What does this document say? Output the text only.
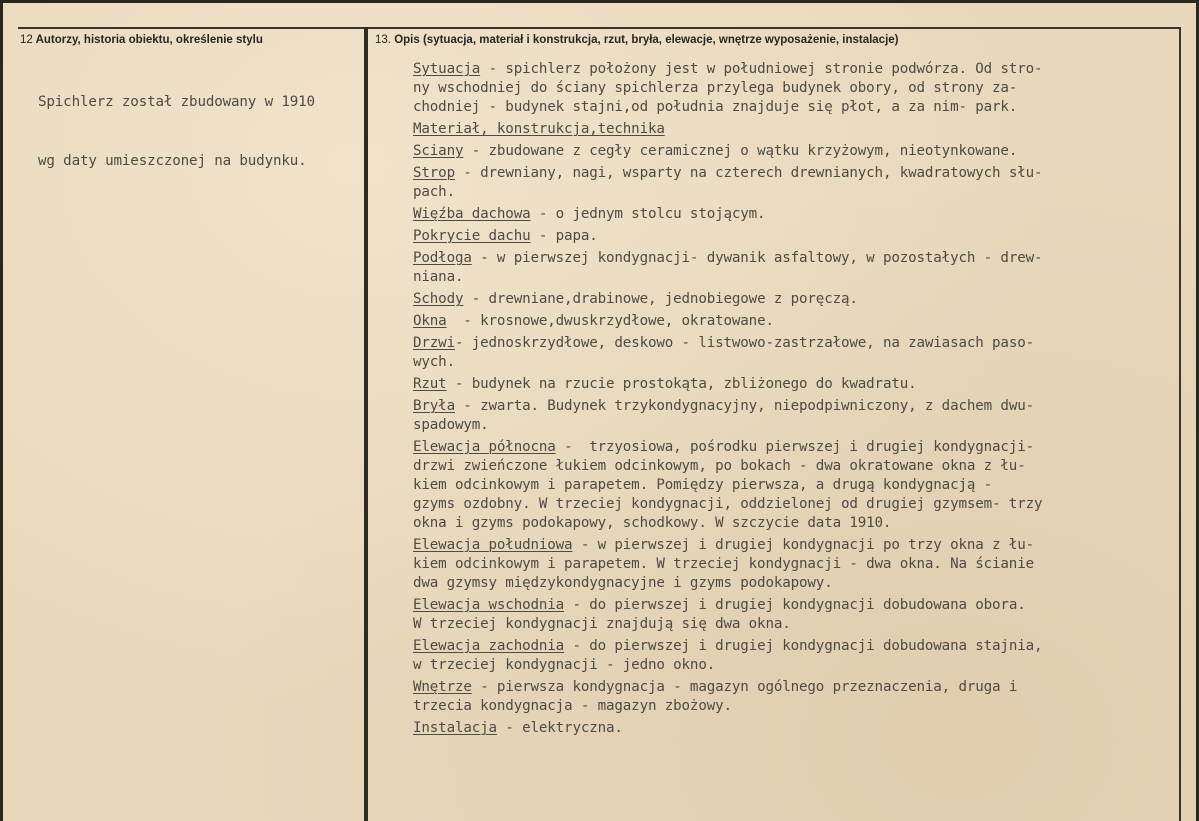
12 Autorzy, historia obiektu, określenie stylu	13. Opis (sytuacja, materiał i konstrukcja, rzut, bryła, elewacje, wnętrze wyposażenie, instalacje)

Spichlerz został zbudowany w 1910

wg daty umieszczonej na budynku.

Sytuacja - spichlerz położony jest w południowej stronie podwórza. Od stro-
ny wschodniej do ściany spichlerza przylega budynek obory, od strony za-
chodniej - budynek stajni,od południa znajduje się płot, a za nim- park.
Materiał, konstrukcja,technika
Sciany - zbudowane z cegły ceramicznej o wątku krzyżowym, nieotynkowane.
Strop - drewniany, nagi, wsparty na czterech drewnianych, kwadratowych słu-
pach.
Więźba dachowa - o jednym stolcu stojącym.
Pokrycie dachu - papa.
Podłoga - w pierwszej kondygnacji- dywanik asfaltowy, w pozostałych - drew-
niana.
Schody - drewniane,drabinowe, jednobiegowe z poręczą.
Okna  - krosnowe,dwuskrzydłowe, okratowane.
Drzwi- jednoskrzydłowe, deskowo - listwowo-zastrzałowe, na zawiasach paso-
wych.
Rzut - budynek na rzucie prostokąta, zbliżonego do kwadratu.
Bryła - zwarta. Budynek trzykondygnacyjny, niepodpiwniczony, z dachem dwu-
spadowym.
Elewacja północna -  trzyosiowa, pośrodku pierwszej i drugiej kondygnacji-
drzwi zwieńczone łukiem odcinkowym, po bokach - dwa okratowane okna z łu-
kiem odcinkowym i parapetem. Pomiędzy pierwsza, a drugą kondygnacją -
gzyms ozdobny. W trzeciej kondygnacji, oddzielonej od drugiej gzymsem- trzy
okna i gzyms podokapowy, schodkowy. W szczycie data 1910.
Elewacja południowa - w pierwszej i drugiej kondygnacji po trzy okna z łu-
kiem odcinkowym i parapetem. W trzeciej kondygnacji - dwa okna. Na ścianie
dwa gzymsy międzykondygnacyjne i gzyms podokapowy.
Elewacja wschodnia - do pierwszej i drugiej kondygnacji dobudowana obora.
W trzeciej kondygnacji znajdują się dwa okna.
Elewacja zachodnia - do pierwszej i drugiej kondygnacji dobudowana stajnia,
w trzeciej kondygnacji - jedno okno.
Wnętrze - pierwsza kondygnacja - magazyn ogólnego przeznaczenia, druga i
trzecia kondygnacja - magazyn zbożowy.
Instalacja - elektryczna.
